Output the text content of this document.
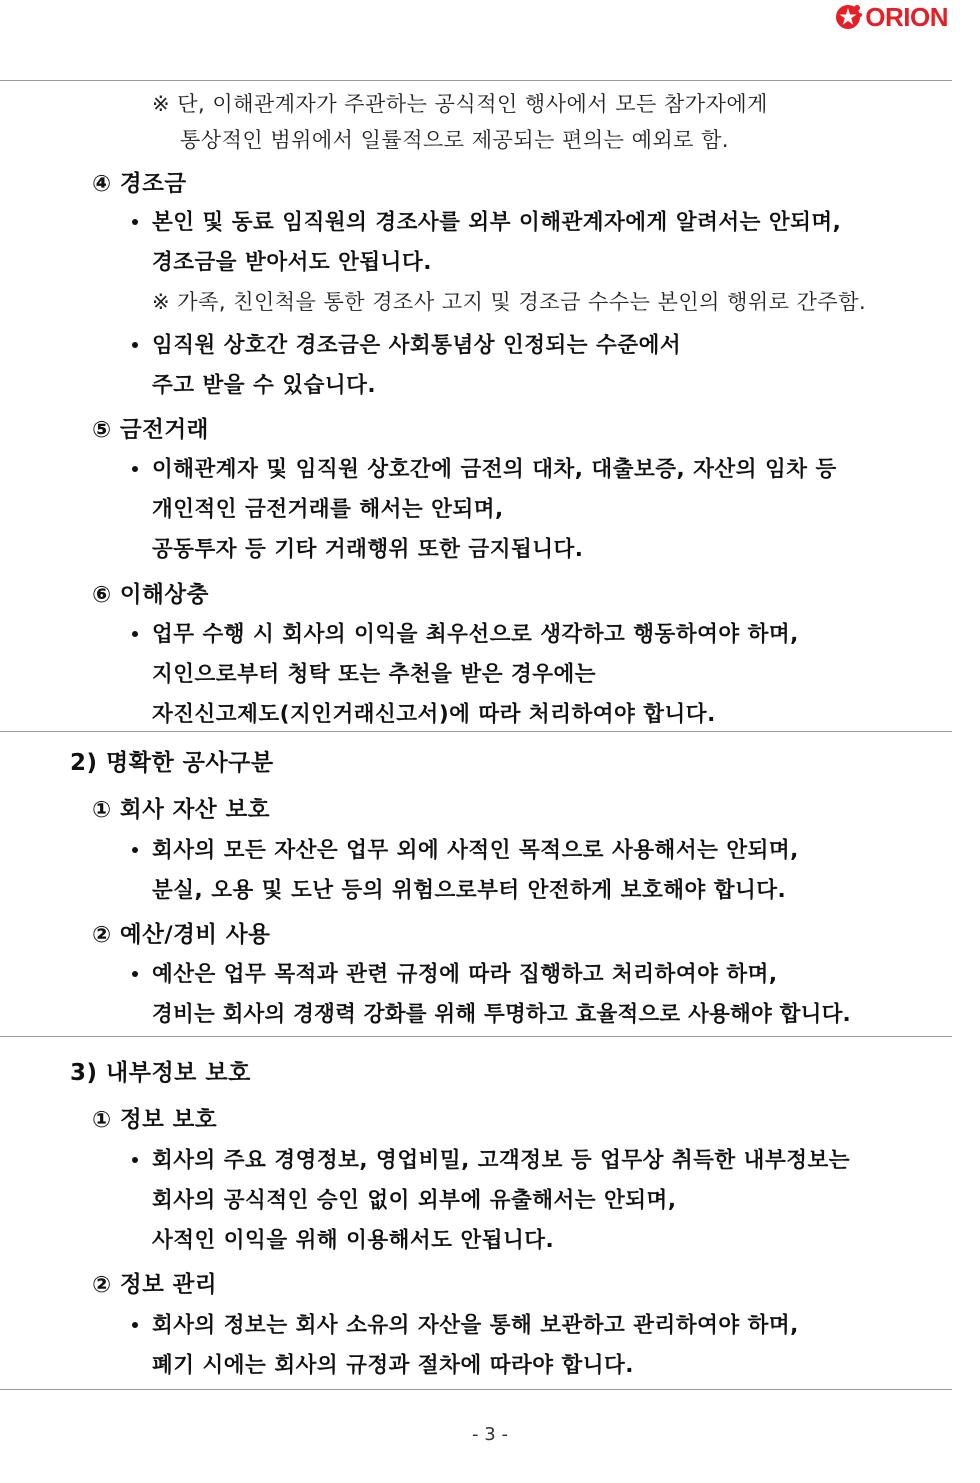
ORION
※ 단, 이해관계자가 주관하는 공식적인 행사에서 모든 참가자에게
통상적인 범위에서 일률적으로 제공되는 편의는 예외로 함.
④ 경조금
본인 및 동료 임직원의 경조사를 외부 이해관계자에게 알려서는 안되며,
경조금을 받아서도 안됩니다.
※ 가족, 친인척을 통한 경조사 고지 및 경조금 수수는 본인의 행위로 간주함.
임직원 상호간 경조금은 사회통념상 인정되는 수준에서
주고 받을 수 있습니다.
⑤ 금전거래
이해관계자 및 임직원 상호간에 금전의 대차, 대출보증, 자산의 임차 등
개인적인 금전거래를 해서는 안되며,
공동투자 등 기타 거래행위 또한 금지됩니다.
⑥ 이해상충
업무 수행 시 회사의 이익을 최우선으로 생각하고 행동하여야 하며,
지인으로부터 청탁 또는 추천을 받은 경우에는
자진신고제도(지인거래신고서)에 따라 처리하여야 합니다.
2) 명확한 공사구분
① 회사 자산 보호
회사의 모든 자산은 업무 외에 사적인 목적으로 사용해서는 안되며,
분실, 오용 및 도난 등의 위험으로부터 안전하게 보호해야 합니다.
② 예산/경비 사용
예산은 업무 목적과 관련 규정에 따라 집행하고 처리하여야 하며,
경비는 회사의 경쟁력 강화를 위해 투명하고 효율적으로 사용해야 합니다.
3) 내부정보 보호
① 정보 보호
회사의 주요 경영정보, 영업비밀, 고객정보 등 업무상 취득한 내부정보는
회사의 공식적인 승인 없이 외부에 유출해서는 안되며,
사적인 이익을 위해 이용해서도 안됩니다.
② 정보 관리
회사의 정보는 회사 소유의 자산을 통해 보관하고 관리하여야 하며,
폐기 시에는 회사의 규정과 절차에 따라야 합니다.
- 3 -
